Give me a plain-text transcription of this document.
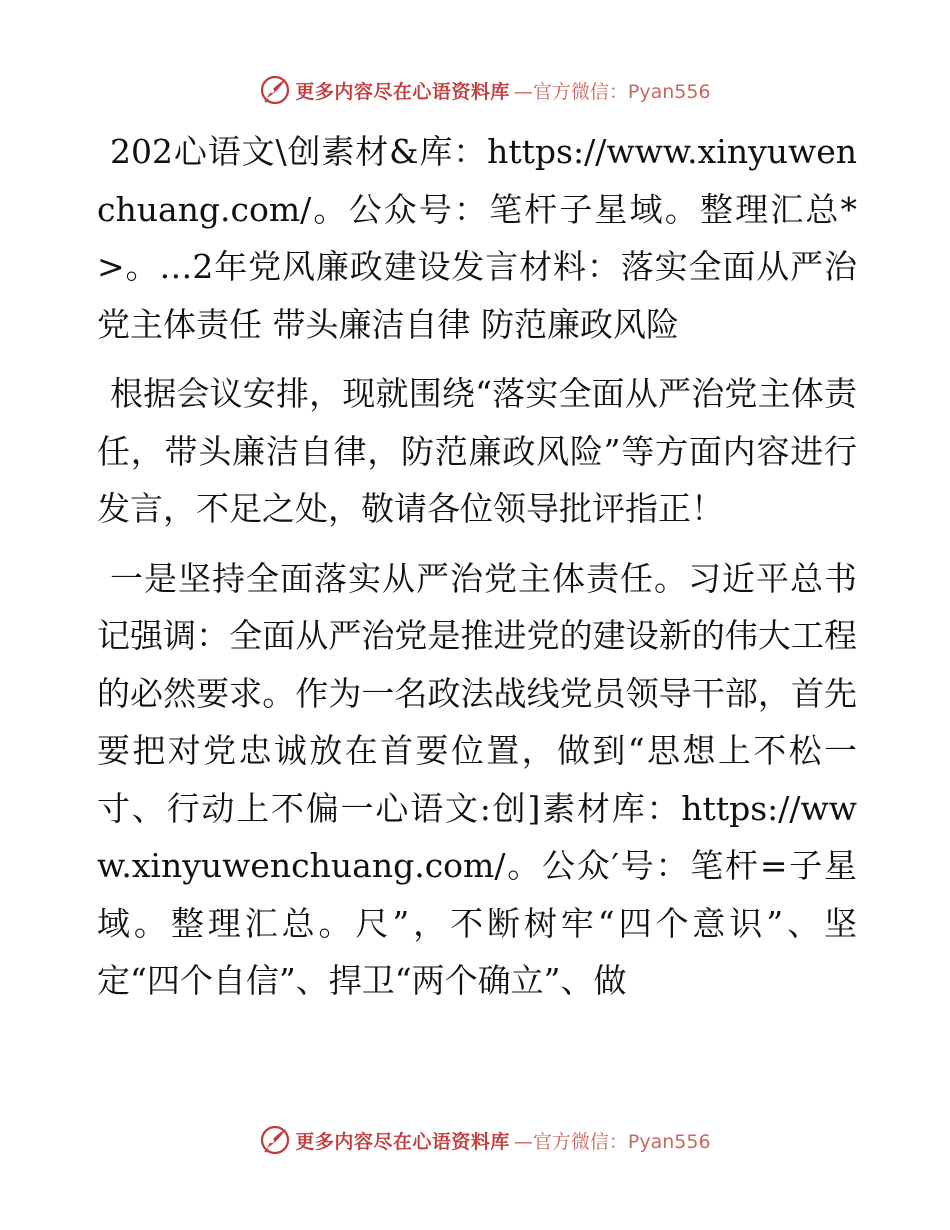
更多内容尽在心语资料库 —官方微信：Pyan556

202心语文\创素材&库：https://www.xinyuwenchuang.com/。公众号：笔杆子星域。整理汇总*>。…2年党风廉政建设发言材料：落实全面从严治党主体责任 带头廉洁自律 防范廉政风险

根据会议安排，现就围绕“落实全面从严治党主体责任，带头廉洁自律，防范廉政风险”等方面内容进行发言，不足之处，敬请各位领导批评指正！

一是坚持全面落实从严治党主体责任。习近平总书记强调：全面从严治党是推进党的建设新的伟大工程的必然要求。作为一名政法战线党员领导干部，首先要把对党忠诚放在首要位置，做到“思想上不松一寸、行动上不偏一心语文:创]素材库：https://www.xinyuwenchuang.com/。公众′号：笔杆=子星域。整理汇总。尺”，不断树牢“四个意识”、坚定“四个自信”、捍卫“两个确立”、做

更多内容尽在心语资料库 —官方微信：Pyan556
